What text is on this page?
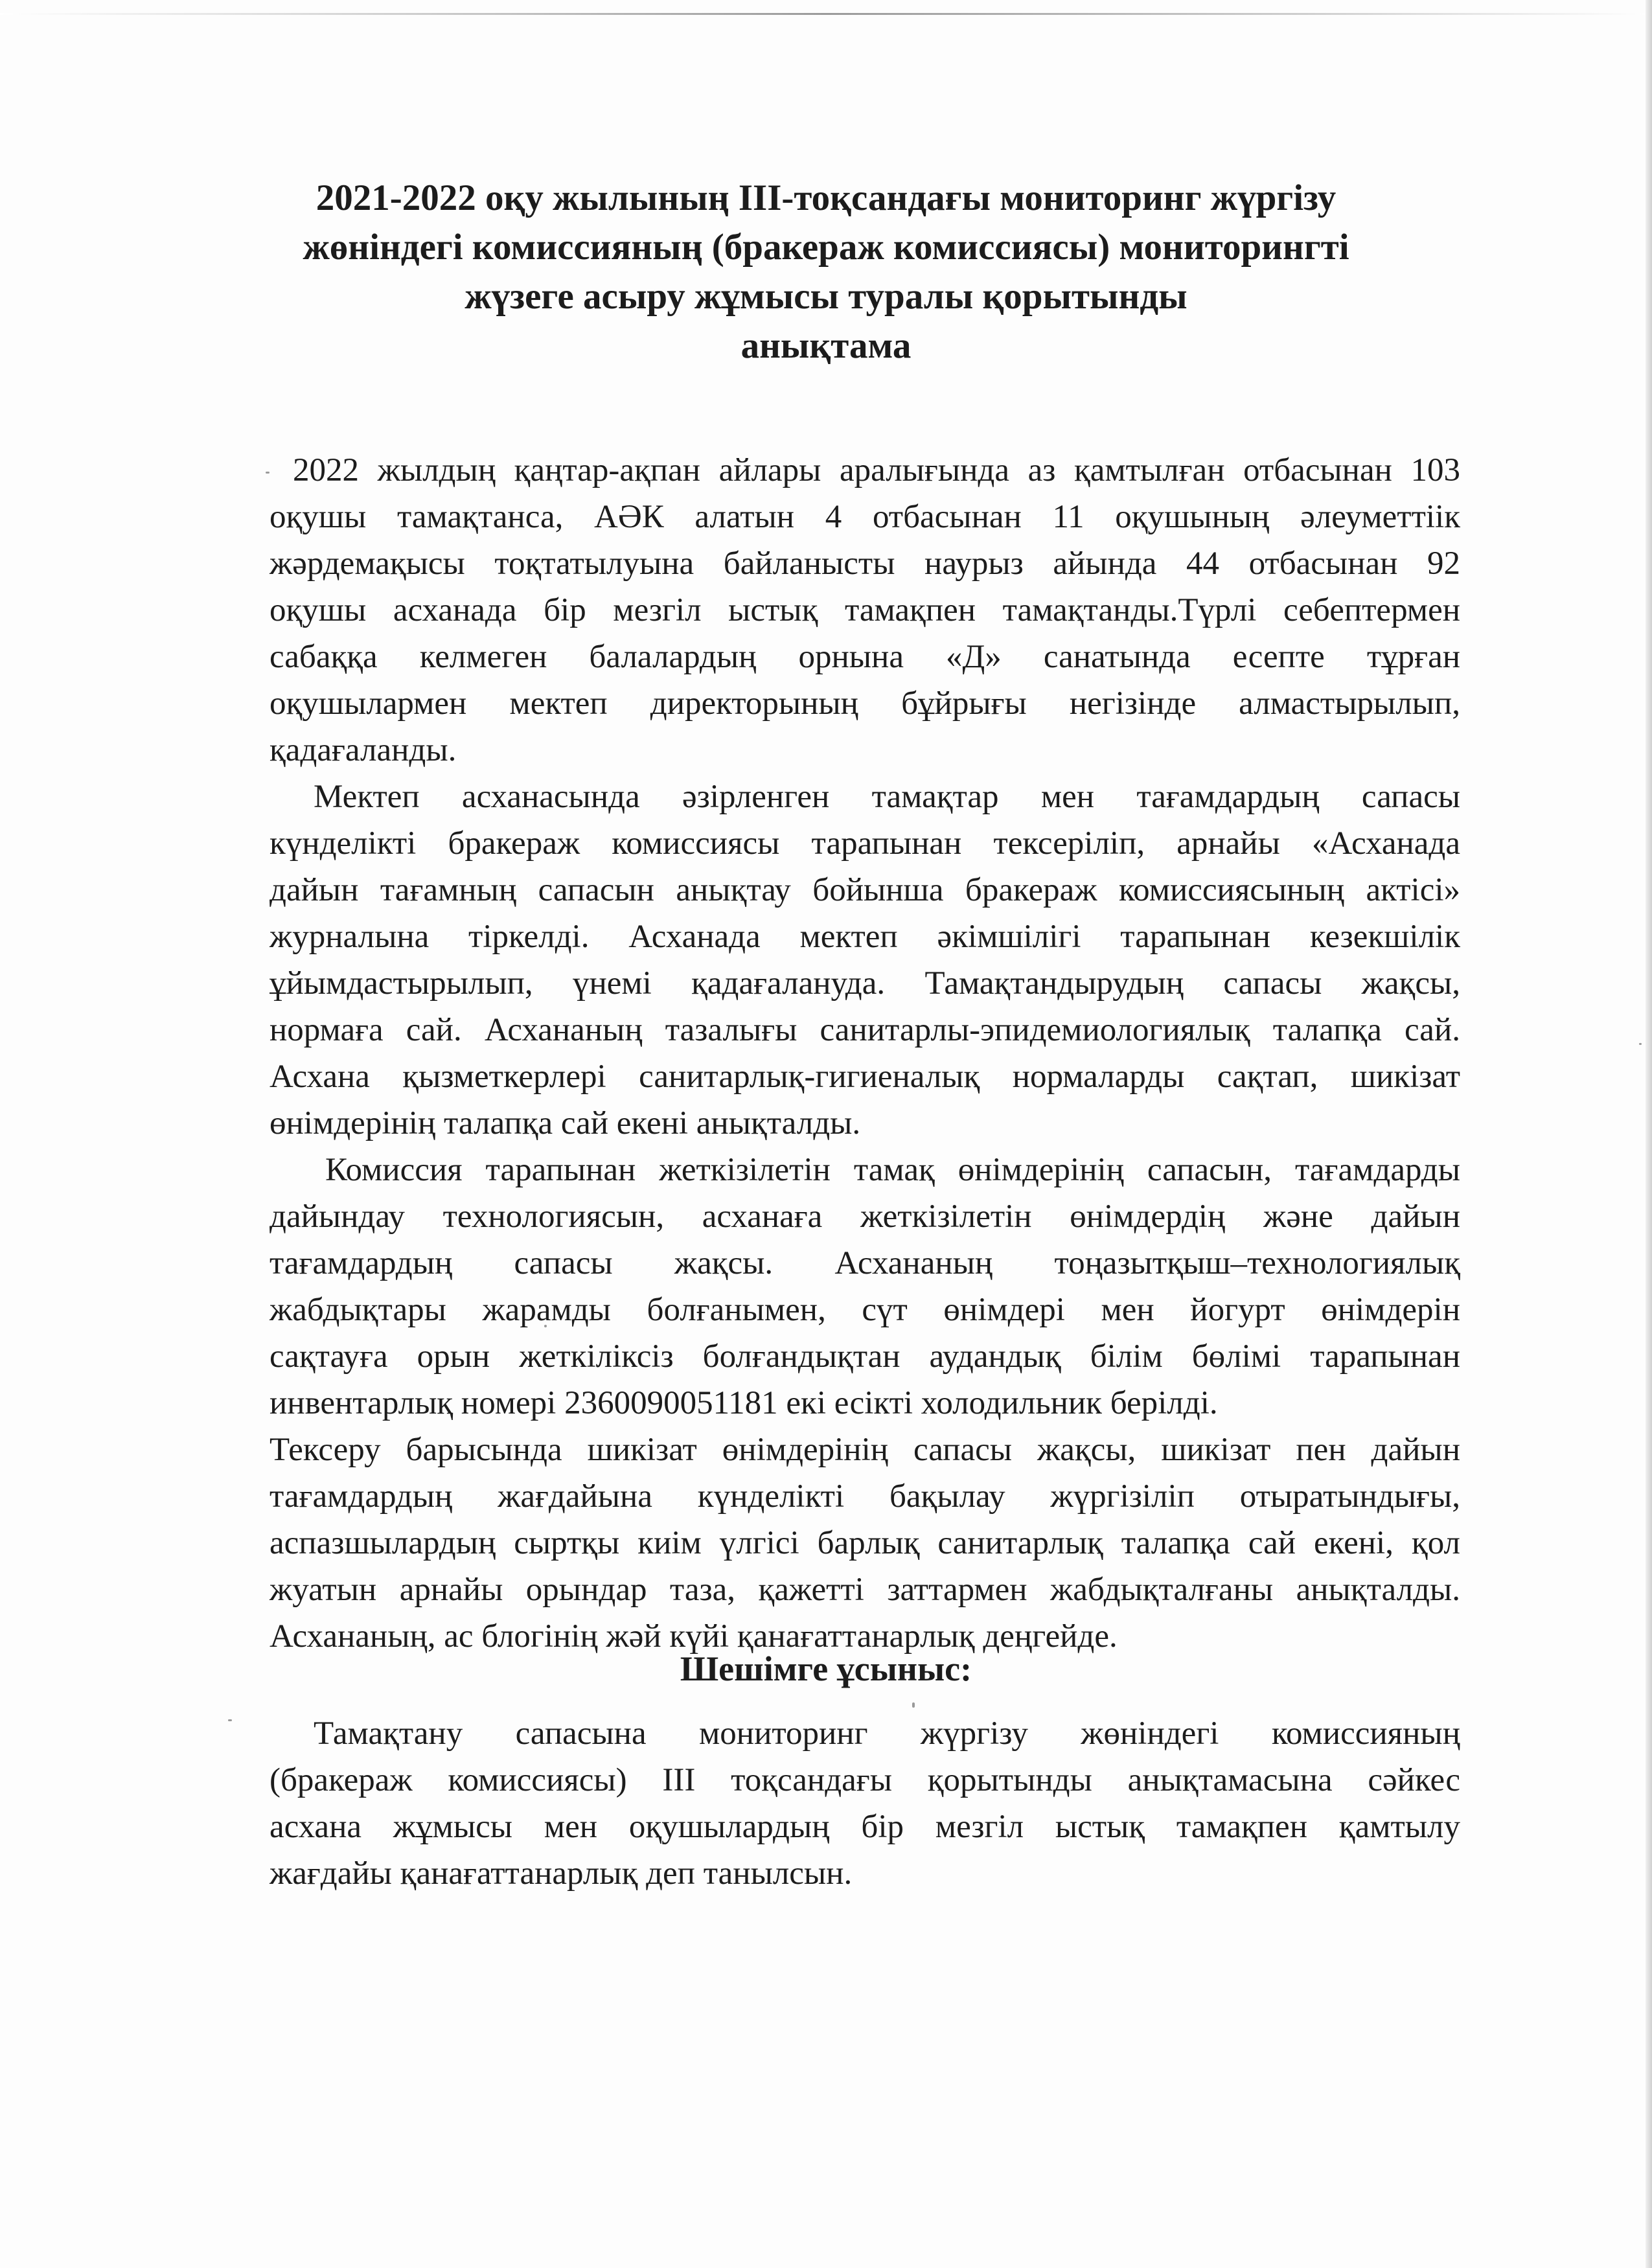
2021-2022 оқу жылының ІІІ-тоқсандағы мониторинг жүргізу
жөніндегі комиссияның (бракераж комиссиясы) мониторингті
жүзеге асыру жұмысы туралы қорытынды
анықтама
2022 жылдың қаңтар-ақпан айлары аралығында аз қамтылған отбасынан 103
оқушы тамақтанса, АӘК алатын 4 отбасынан 11 оқушының әлеуметтіік
жәрдемақысы тоқтатылуына байланысты наурыз айында 44 отбасынан 92
оқушы асханада бір мезгіл ыстық тамақпен тамақтанды.Түрлі себептермен
сабаққа келмеген балалардың орнына «Д» санатында есепте тұрған
оқушылармен мектеп директорының бұйрығы негізінде алмастырылып,
қадағаланды.
Мектеп асханасында әзірленген тамақтар мен тағамдардың сапасы
күнделікті бракераж комиссиясы тарапынан тексеріліп, арнайы «Асханада
дайын тағамның сапасын анықтау бойынша бракераж комиссиясының актісі»
журналына тіркелді. Асханада мектеп әкімшілігі тарапынан кезекшілік
ұйымдастырылып, үнемі қадағалануда. Тамақтандырудың сапасы жақсы,
нормаға сай. Асхананың тазалығы санитарлы-эпидемиологиялық талапқа сай.
Асхана қызметкерлері санитарлық-гигиеналық нормаларды сақтап, шикізат
өнімдерінің талапқа сай екені анықталды.
Комиссия тарапынан жеткізілетін тамақ өнімдерінің сапасын, тағамдарды
дайындау технологиясын, асханаға жеткізілетін өнімдердің және дайын
тағамдардың сапасы жақсы. Асхананың тоңазытқыш–технологиялық
жабдықтары жарамды болғанымен, сүт өнімдері мен йогурт өнімдерін
сақтауға орын жеткіліксіз болғандықтан аудандық білім бөлімі тарапынан
инвентарлық номері 2360090051181 екі есікті холодильник берілді.
Тексеру барысында шикізат өнімдерінің сапасы жақсы, шикізат пен дайын
тағамдардың жағдайына күнделікті бақылау жүргізіліп отыратындығы,
аспазшылардың сыртқы киім үлгісі барлық санитарлық талапқа сай екені, қол
жуатын арнайы орындар таза, қажетті заттармен жабдықталғаны анықталды.
Асхананың, ас блогінің жәй күйі қанағаттанарлық деңгейде.
Шешімге ұсыныс:
Тамақтану сапасына мониторинг жүргізу жөніндегі комиссияның
(бракераж комиссиясы) ІІІ тоқсандағы қорытынды анықтамасына сәйкес
асхана жұмысы мен оқушылардың бір мезгіл ыстық тамақпен қамтылу
жағдайы қанағаттанарлық деп танылсын.
